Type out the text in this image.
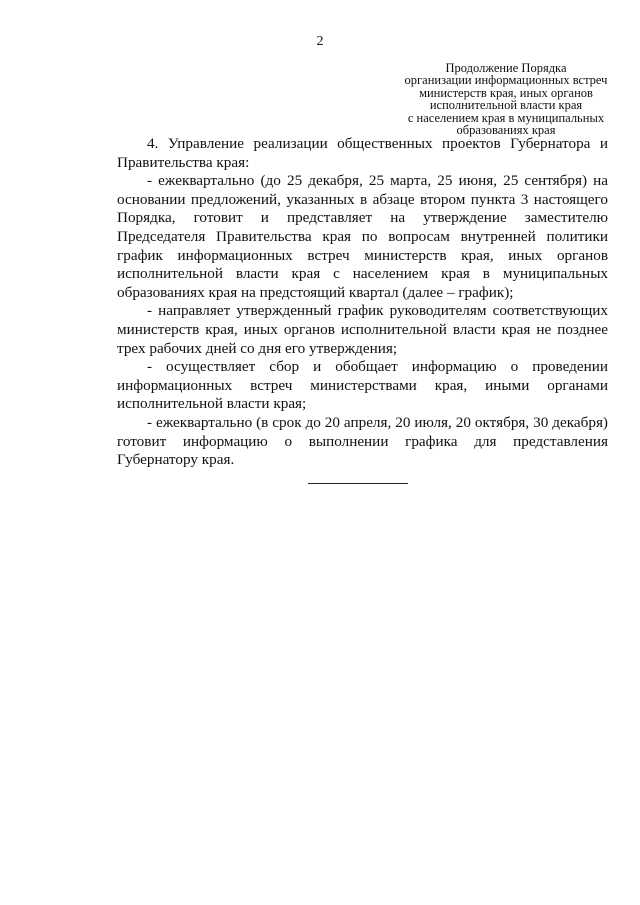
2
Продолжение Порядка
организации информационных встреч
министерств края, иных органов
исполнительной власти края
с населением края в муниципальных
образованиях края

4. Управление реализации общественных проектов Губернатора и Правительства края:

- ежеквартально (до 25 декабря, 25 марта, 25 июня, 25 сентября) на основании предложений, указанных в абзаце втором пункта 3 настоящего Порядка, готовит и представляет на утверждение заместителю Председателя Правительства края по вопросам внутренней политики график информационных встреч министерств края, иных органов исполнительной власти края с населением края в муниципальных образованиях края на предстоящий квартал (далее – график);

- направляет утвержденный график руководителям соответствующих министерств края, иных органов исполнительной власти края не позднее трех рабочих дней со дня его утверждения;

- осуществляет сбор и обобщает информацию о проведении информационных встреч министерствами края, иными органами исполнительной власти края;

- ежеквартально (в срок до 20 апреля, 20 июля, 20 октября, 30 декабря) готовит информацию о выполнении графика для представления Губернатору края.
